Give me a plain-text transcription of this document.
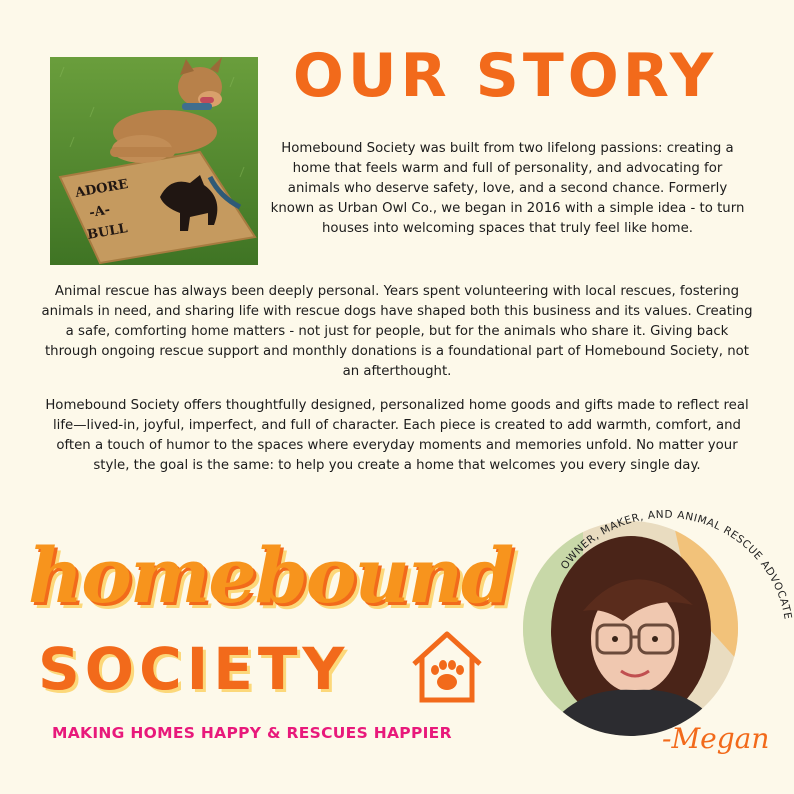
ADORE
-A-
BULL
OUR STORY
Homebound Society was built from two lifelong passions: creating a home that feels warm and full of personality, and advocating for animals who deserve safety, love, and a second chance. Formerly known as Urban Owl Co., we began in 2016 with a simple idea - to turn houses into welcoming spaces that truly feel like home.
Animal rescue has always been deeply personal. Years spent volunteering with local rescues, fostering animals in need, and sharing life with rescue dogs have shaped both this business and its values. Creating a safe, comforting home matters - not just for people, but for the animals who share it. Giving back through ongoing rescue support and monthly donations is a foundational part of Homebound Society, not an afterthought.
Homebound Society offers thoughtfully designed, personalized home goods and gifts made to reflect real life—lived-in, joyful, imperfect, and full of character. Each piece is created to add warmth, comfort, and often a touch of humor to the spaces where everyday moments and memories unfold. No matter your style, the goal is the same: to help you create a home that welcomes you every single day.
homebound
SOCIETY
MAKING HOMES HAPPY & RESCUES HAPPIER
OWNER, MAKER, AND ANIMAL RESCUE ADVOCATE
-Megan
